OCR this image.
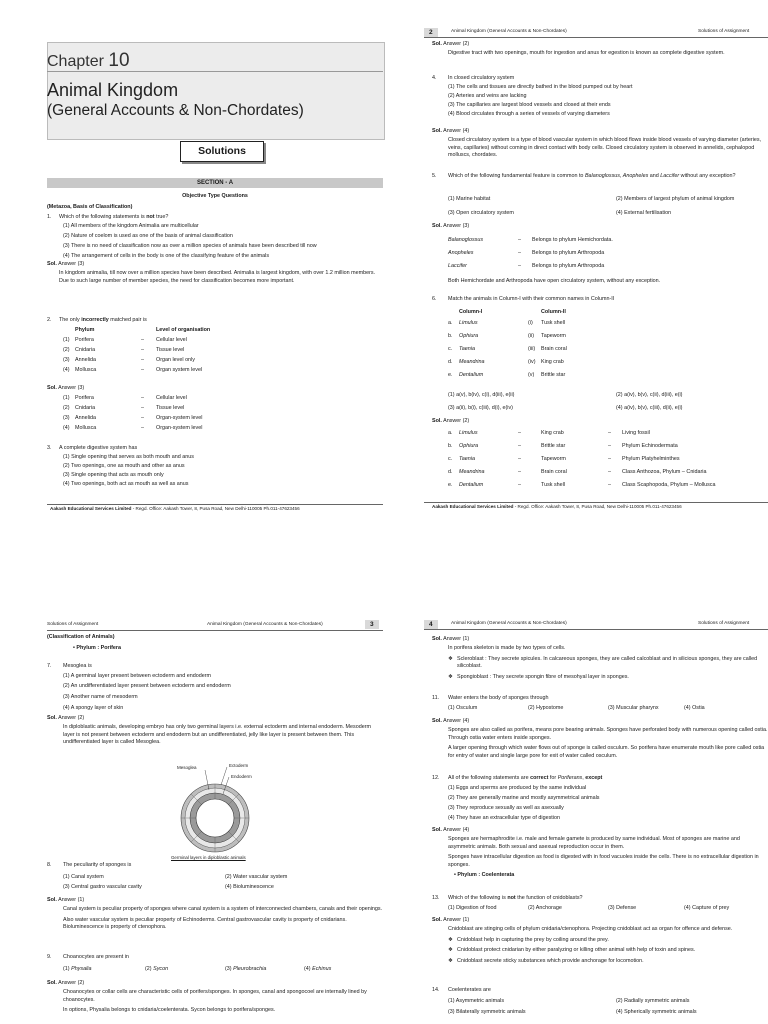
Chapter 10
Animal Kingdom
(General Accounts & Non-Chordates)
Solutions
SECTION - A
Objective Type Questions
(Metazoa, Basis of Classification)
1. Which of the following statements is not true?
(1) All members of the kingdom Animalia are multicellular
(2) Nature of coelom is used as one of the basis of animal classification
(3) There is no need of classification now as over a million species of animals have been described till now
(4) The arrangement of cells in the body is one of the classifying feature of the animals
Sol. Answer (3)

In kingdom animalia, till now over a million species have been described. Animalia is largest kingdom, with over 1.2 million members. Due to such large number of member species, the need for classification becomes more important.

2. The only incorrectly matched pair is
Phylum	Level of organisation
(1) Porifera	– Cellular level
(2) Cnidaria	– Tissue level
(3) Annelida	– Organ level only
(4) Mollusca	– Organ system level
Sol. Answer (3)
(1) Porifera	– Cellular level
(2) Cnidaria	– Tissue level
(3) Annelida	– Organ-system level
(4) Mollusca	– Organ-system level
3. A complete digestive system has
(1) Single opening that serves as both mouth and anus
(2) Two openings, one as mouth and other as anus
(3) Single opening that acts as mouth only
(4) Two openings, both act as mouth as well as anus
Aakash Educational Services Limited - Regd. Office: Aakash Tower, 8, Pusa Road, New Delhi-110005 Ph.011-47623456
2	Animal Kingdom (General Accounts & Non-Chordates)	Solutions of Assignment
Sol. Answer (2)

Digestive tract with two openings, mouth for ingestion and anus for egestion is known as complete digestive system.

4. In closed circulatory system
(1) The cells and tissues are directly bathed in the blood pumped out by heart
(2) Arteries and veins are lacking
(3) The capillaries are largest blood vessels and closed at their ends
(4) Blood circulates through a series of vessels of varying diameters
Sol. Answer (4)

Closed circulatory system is a type of blood vascular system in which blood flows inside blood vessels of varying diameter (arteries, veins, capillaries) without coming in direct contact with body cells. Closed circulatory system is observed in annelids, cephalopod molluscs, chordates.

5. Which of the following fundamental feature is common to Balanoglossus, Anopheles and Laccifer without any exception?
(1) Marine habitat	(2) Members of largest phylum of animal kingdom
(3) Open circulatory system	(4) External fertilisation
Sol. Answer (3)
Balanoglossus	– Belongs to phylum Hemichordata.
Anopheles	– Belongs to phylum Arthropoda
Laccifer	– Belongs to phylum Arthropoda
Both Hemichordate and Arthropoda have open circulatory system, without any exception.
6. Match the animals in Column-I with their common names in Column-II
Column-I	Column-II
a. Limulus	(i) Tusk shell
b. Ophiura	(ii) Tapeworm
c. Taenia	(iii) Brain coral
d. Meandrina	(iv) King crab
e. Dentalium	(v) Brittle star
(1) a(v), b(iv), c(i), d(iii), e(ii)	(2) a(iv), b(v), c(ii), d(iii), e(i)
(3) a(ii), b(i), c(iii), d(i), e(iv)	(4) a(iv), b(v), c(iii), d(ii), e(i)
Sol. Answer (2)
a. Limulus	–	King crab	– Living fossil
b. Ophiura	–	Brittle star	– Phylum Echinodermata
c. Taenia	–	Tapeworm	– Phylum Platyhelminthes
d. Meandrina	–	Brain coral	– Class Anthozoa, Phylum – Cnidaria
e. Dentalium	–	Tusk shell	– Class Scaphopoda, Phylum – Mollusca
Aakash Educational Services Limited - Regd. Office: Aakash Tower, 8, Pusa Road, New Delhi-110005 Ph.011-47623456
Solutions of Assignment	Animal Kingdom (General Accounts & Non-Chordates)	3
(Classification of Animals)
• Phylum : Porifera
7. Mesoglea is
(1) A germinal layer present between ectoderm and endoderm
(2) An undifferentiated layer present between ectoderm and endoderm
(3) Another name of mesoderm
(4) A spongy layer of skin
Sol. Answer (2)

In diploblastic animals, developing embryo has only two germinal layers i.e. external ectoderm and internal endoderm. Mesoderm layer is not present between ectoderm and endoderm but an undifferentiated, jelly like layer is present between them. This undifferentiated layer is called Mesoglea.

Mesoglea	Ectoderm
Endoderm
Germinal layers in diploblastic animals
8. The peculiarity of sponges is
(1) Canal system	(2) Water vascular system
(3) Central gastro vascular cavity	(4) Bioluminescence
Sol. Answer (1)

Canal system is peculiar property of sponges where canal system is a system of interconnected chambers, canals and their openings.

Also water vascular system is peculiar property of Echinoderms. Central gastrovascular cavity is property of cnidarians. Bioluminescence is property of ctenophora.

9. Choanocytes are present in
(1) Physalia	(2) Sycon	(3) Pleurobrachia	(4) Echinus
Sol. Answer (2)

Choanocytes or collar cells are characteristic cells of porifers/sponges. In sponges, canal and spongocoel are internally lined by choanocytes.

In options, Physalia belongs to cnidaria/coelenterata. Sycon belongs to porifera/sponges.

4	Animal Kingdom (General Accounts & Non-Chordates)	Solutions of Assignment
Sol. Answer (1)

In porifera skeleton is made by two types of cells.

❖ Scleroblast : They secrete spicules. In calcareous sponges, they are called calcoblast and in silicious sponges, they are called silicoblast.

❖ Spongioblast : They secrete spongin fibre of mesohyal layer in sponges.

11. Water enters the body of sponges through
(1) Osculum	(2) Hypostome	(3) Muscular pharynx	(4) Ostia
Sol. Answer (4)

Sponges are also called as porifera, means pore bearing animals. Sponges have perforated body with numerous opening called ostia. Through ostia water enters inside sponges.

A larger opening through which water flows out of sponge is called osculum. So porifera have enumerate mouth like pore called ostia for entry of water and single large pore for exit of water called osculum.

12. All of the following statements are correct for Poriferans, except
(1) Eggs and sperms are produced by the same individual
(2) They are generally marine and mostly asymmetrical animals
(3) They reproduce sexually as well as asexually
(4) They have an extracellular type of digestion
Sol. Answer (4)

Sponges are hermaphrodite i.e. male and female gamete is produced by same individual. Most of sponges are marine and asymmetric animals. Both sexual and asexual reproduction occur in them.

Sponges have intracellular digestion as food is digested with in food vacuoles inside the cells. There is no extracellular digestion in sponges.

• Phylum : Coelenterata

13. Which of the following is not the function of cnidoblasts?
(1) Digestion of food	(2) Anchorage	(3) Defense	(4) Capture of prey
Sol. Answer (1)

Cnidoblast are stinging cells of phylum cnidaria/ctenophora. Projecting cnidoblast act as organ for offence and defense.

❖ Cnidoblast help in capturing the prey by coiling around the prey.

❖ Cnidoblast protect cnidarian by either paralyzing or killing other animal with help of toxin and spines.

❖ Cnidoblast secrete sticky substances which provide anchorage for locomotion.

14. Coelenterates are
(1) Asymmetric animals	(2) Radially symmetric animals
(3) Bilaterally symmetric animals	(4) Spherically symmetric animals
